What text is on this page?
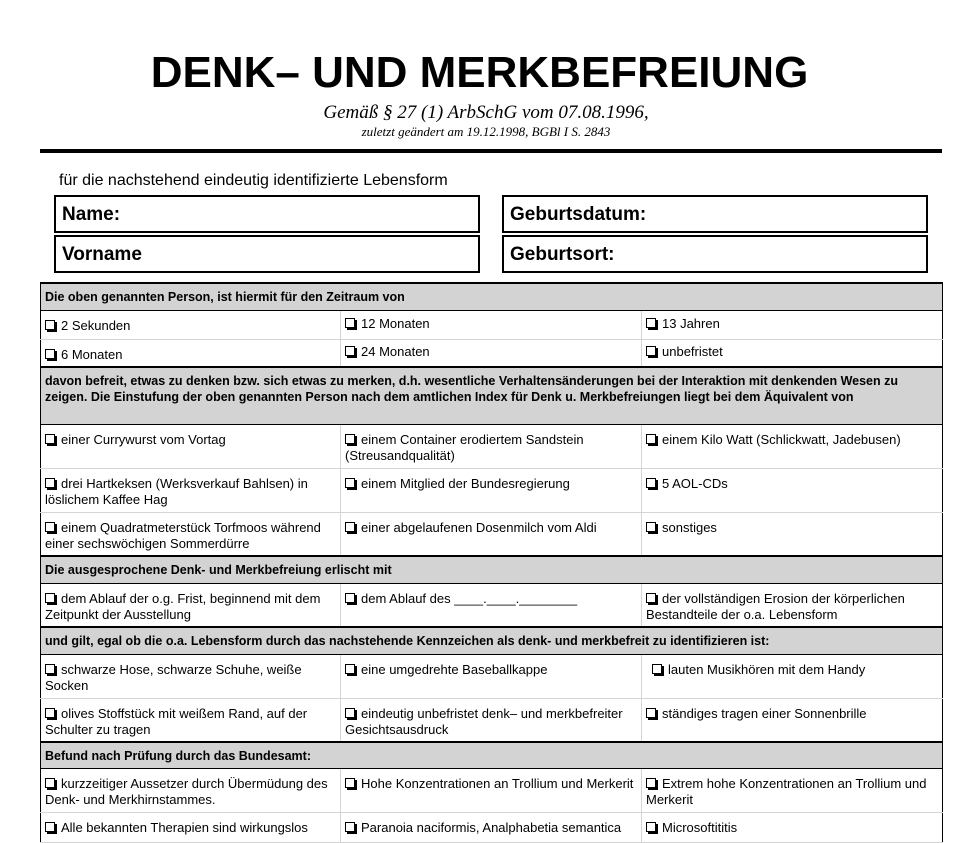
DENK– UND MERKBEFREIUNG
Gemäß § 27 (1) ArbSchG vom 07.08.1996,
zuletzt geändert am 19.12.1998, BGBl I S. 2843
für die nachstehend eindeutig identifizierte Lebensform
Name:	Geburtsdatum:
Vorname	Geburtsort:
Die oben genannten Person, ist hiermit für den Zeitraum von		
2 Sekunden	12 Monaten	13 Jahren
6 Monaten	24 Monaten	unbefristet
davon befreit, etwas zu denken bzw. sich etwas zu merken, d.h. wesentliche Verhaltensänderungen bei der Interaktion mit denkenden Wesen zu zeigen. Die Einstufung der oben genannten Person nach dem amtlichen Index für Denk u. Merkbefreiungen liegt bei dem Äquivalent von		
einer Currywurst vom Vortag	einem Container erodiertem Sandstein (Streusandqualität)	einem Kilo Watt (Schlickwatt, Jadebusen)
drei Hartkeksen (Werksverkauf Bahlsen) in löslichem Kaffee Hag	einem Mitglied der Bundesregierung	5 AOL-CDs
einem Quadratmeterstück Torfmoos während einer sechswöchigen Sommerdürre	einer abgelaufenen Dosenmilch vom Aldi	sonstiges
Die ausgesprochene Denk- und Merkbefreiung erlischt mit		
dem Ablauf der o.g. Frist, beginnend mit dem Zeitpunkt der Ausstellung	dem Ablauf des ____.____.________	der vollständigen Erosion der körperlichen Bestandteile der o.a. Lebensform
und gilt, egal ob die o.a. Lebensform durch das nachstehende Kennzeichen als denk- und merkbefreit zu identifizieren ist:		
schwarze Hose, schwarze Schuhe, weiße Socken	eine umgedrehte Baseballkappe	lauten Musikhören mit dem Handy
olives Stoffstück mit weißem Rand, auf der Schulter zu tragen	eindeutig unbefristet denk– und merkbefreiter Gesichtsausdruck	ständiges tragen einer Sonnenbrille
Befund nach Prüfung durch das Bundesamt:		
kurzzeitiger Aussetzer durch Übermüdung des Denk- und Merkhirnstammes.	Hohe Konzentrationen an Trollium und Merkerit	Extrem hohe Konzentrationen an Trollium und Merkerit
Alle bekannten Therapien sind wirkungslos	Paranoia naciformis, Analphabetia semantica	Microsoftititis
